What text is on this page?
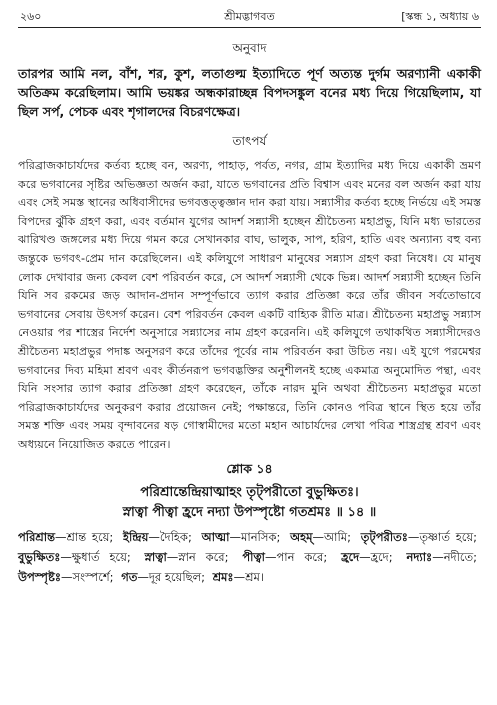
২৬০	শ্রীমদ্ভাগবত	[স্কন্ধ ১, অধ্যায় ৬
অনুবাদ

তারপর আমি নল, বাঁশ, শর, কুশ, লতাগুল্ম ইত্যাদিতে পূর্ণ অত্যন্ত দুর্গম অরণ্যানী একাকী অতিক্রম করেছিলাম। আমি ভয়ঙ্কর অন্ধকারাচ্ছন্ন বিপদসঙ্কুল বনের মধ্য দিয়ে গিয়েছিলাম, যা ছিল সর্প, পেচক এবং শৃগালদের বিচরণক্ষেত্র।

তাৎপর্য

পরিব্রাজকাচার্যদের কর্তব্য হচ্ছে বন, অরণ্য, পাহাড়, পর্বত, নগর, গ্রাম ইত্যাদির মধ্য দিয়ে একাকী ভ্রমণ করে ভগবানের সৃষ্টির অভিজ্ঞতা অর্জন করা, যাতে ভগবানের প্রতি বিশ্বাস এবং মনের বল অর্জন করা যায় এবং সেই সমস্ত স্থানের অধিবাসীদের ভগবত্তত্ত্বজ্ঞান দান করা যায়। সন্ন্যাসীর কর্তব্য হচ্ছে নির্ভয়ে এই সমস্ত বিপদের ঝুঁকি গ্রহণ করা, এবং বর্তমান যুগের আদর্শ সন্ন্যাসী হচ্ছেন শ্রীচৈতন্য মহাপ্রভু, যিনি মধ্য ভারতের ঝারিখণ্ড জঙ্গলের মধ্য দিয়ে গমন করে সেখানকার বাঘ, ভালুক, সাপ, হরিণ, হাতি এবং অন্যান্য বহু বন্য জন্তুকে ভগবৎ-প্রেম দান করেছিলেন। এই কলিযুগে সাধারণ মানুষের সন্ন্যাস গ্রহণ করা নিষেধ। যে মানুষ লোক দেখাবার জন্য কেবল বেশ পরিবর্তন করে, সে আদর্শ সন্ন্যাসী থেকে ভিন্ন। আদর্শ সন্ন্যাসী হচ্ছেন তিনি যিনি সব রকমের জড় আদান-প্রদান সম্পূর্ণভাবে ত্যাগ করার প্রতিজ্ঞা করে তাঁর জীবন সর্বতোভাবে ভগবানের সেবায় উৎসর্গ করেন। বেশ পরিবর্তন কেবল একটি বাহ্যিক রীতি মাত্র। শ্রীচৈতন্য মহাপ্রভু সন্ন্যাস নেওয়ার পর শাস্ত্রের নির্দেশ অনুসারে সন্ন্যাসের নাম গ্রহণ করেননি। এই কলিযুগে তথাকথিত সন্ন্যাসীদেরও শ্রীচৈতন্য মহাপ্রভুর পদাঙ্ক অনুসরণ করে তাঁদের পূর্বের নাম পরিবর্তন করা উচিত নয়। এই যুগে পরমেশ্বর ভগবানের দিব্য মহিমা শ্রবণ এবং কীর্তনরূপ ভগবদ্ভক্তির অনুশীলনই হচ্ছে একমাত্র অনুমোদিত পন্থা, এবং যিনি সংসার ত্যাগ করার প্রতিজ্ঞা গ্রহণ করেছেন, তাঁকে নারদ মুনি অথবা শ্রীচৈতন্য মহাপ্রভুর মতো পরিব্রাজকাচার্যদের অনুকরণ করার প্রয়োজন নেই; পক্ষান্তরে, তিনি কোনও পবিত্র স্থানে স্থিত হয়ে তাঁর সমস্ত শক্তি এবং সময় বৃন্দাবনের ষড় গোস্বামীদের মতো মহান আচার্যদের লেখা পবিত্র শাস্ত্রগ্রন্থ শ্রবণ এবং অধ্যয়নে নিয়োজিত করতে পারেন।

শ্লোক ১৪

পরিশ্রান্তেন্দ্রিয়াত্মাহং তৃট্পরীতো বুভুক্ষিতঃ।

স্নাত্বা পীত্বা হ্রদে নদ্যা উপস্পৃষ্টো গতশ্রমঃ ॥ ১৪ ॥

পরিশ্রান্ত—শ্রান্ত হয়ে; ইন্দ্রিয়—দৈহিক; আত্মা—মানসিক; অহম্—আমি; তৃট্পরীতঃ—তৃষ্ণার্ত হয়ে; বুভুক্ষিতঃ—ক্ষুধার্ত হয়ে; স্নাত্বা—স্নান করে; পীত্বা—পান করে; হ্রদে—হ্রদে; নদ্যাঃ—নদীতে; উপস্পৃষ্টঃ—সংস্পর্শে; গত—দূর হয়েছিল; শ্রমঃ—শ্রম।
